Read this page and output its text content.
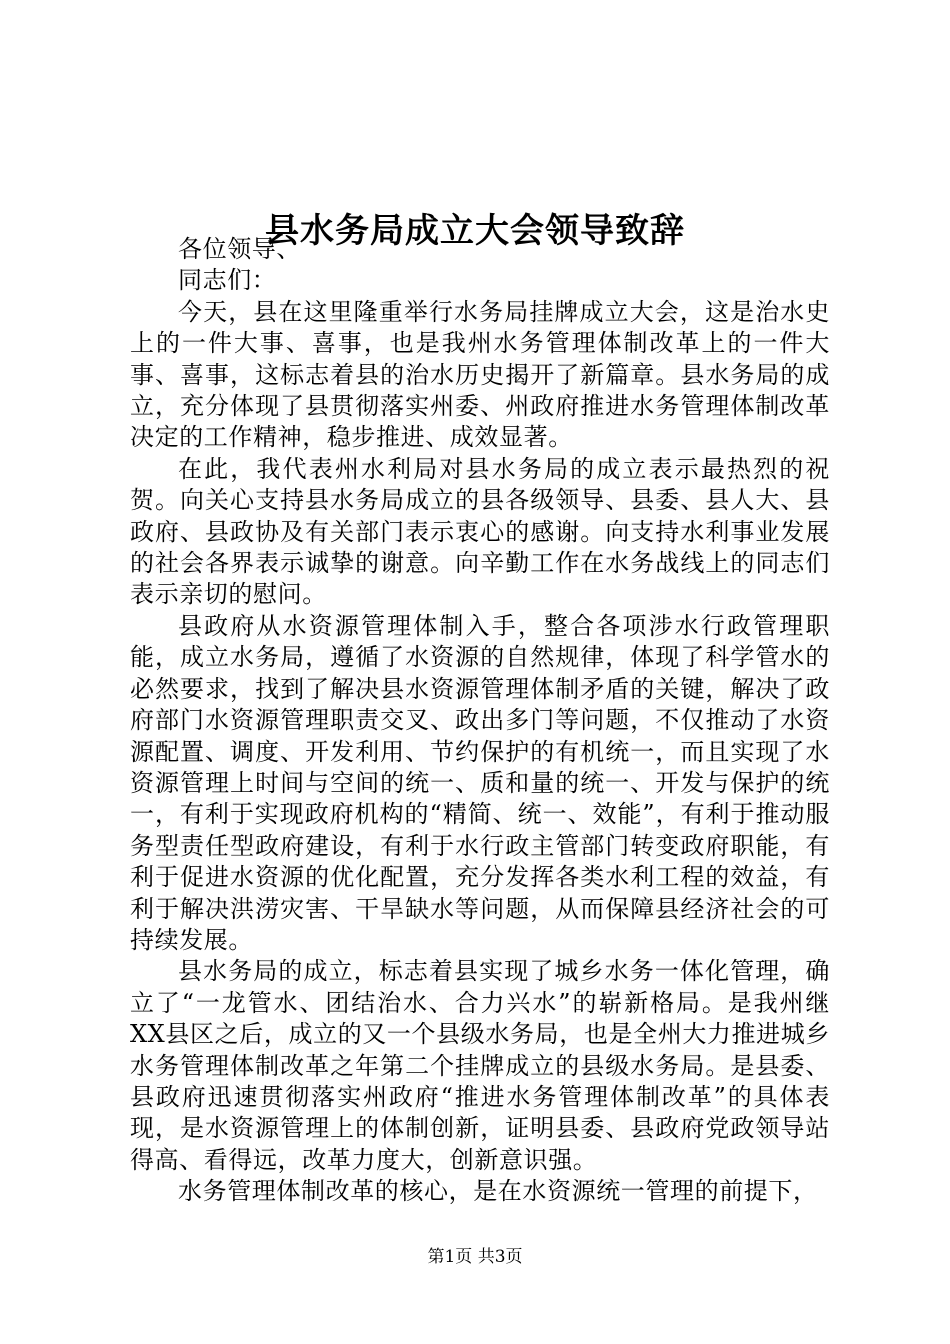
县水务局成立大会领导致辞

各位领导、

同志们：

今天，县在这里隆重举行水务局挂牌成立大会，这是治水史上的一件大事、喜事，也是我州水务管理体制改革上的一件大事、喜事，这标志着县的治水历史揭开了新篇章。县水务局的成立，充分体现了县贯彻落实州委、州政府推进水务管理体制改革决定的工作精神，稳步推进、成效显著。

在此，我代表州水利局对县水务局的成立表示最热烈的祝贺。向关心支持县水务局成立的县各级领导、县委、县人大、县政府、县政协及有关部门表示衷心的感谢。向支持水利事业发展的社会各界表示诚挚的谢意。向辛勤工作在水务战线上的同志们表示亲切的慰问。

县政府从水资源管理体制入手，整合各项涉水行政管理职能，成立水务局，遵循了水资源的自然规律，体现了科学管水的必然要求，找到了解决县水资源管理体制矛盾的关键，解决了政府部门水资源管理职责交叉、政出多门等问题，不仅推动了水资源配置、调度、开发利用、节约保护的有机统一，而且实现了水资源管理上时间与空间的统一、质和量的统一、开发与保护的统一，有利于实现政府机构的“精简、统一、效能”，有利于推动服务型责任型政府建设，有利于水行政主管部门转变政府职能，有利于促进水资源的优化配置，充分发挥各类水利工程的效益，有利于解决洪涝灾害、干旱缺水等问题，从而保障县经济社会的可持续发展。

县水务局的成立，标志着县实现了城乡水务一体化管理，确立了“一龙管水、团结治水、合力兴水”的崭新格局。是我州继XX县区之后，成立的又一个县级水务局，也是全州大力推进城乡水务管理体制改革之年第二个挂牌成立的县级水务局。是县委、县政府迅速贯彻落实州政府“推进水务管理体制改革”的具体表现，是水资源管理上的体制创新，证明县委、县政府党政领导站得高、看得远，改革力度大，创新意识强。

水务管理体制改革的核心，是在水资源统一管理的前提下，

第1页 共3页
